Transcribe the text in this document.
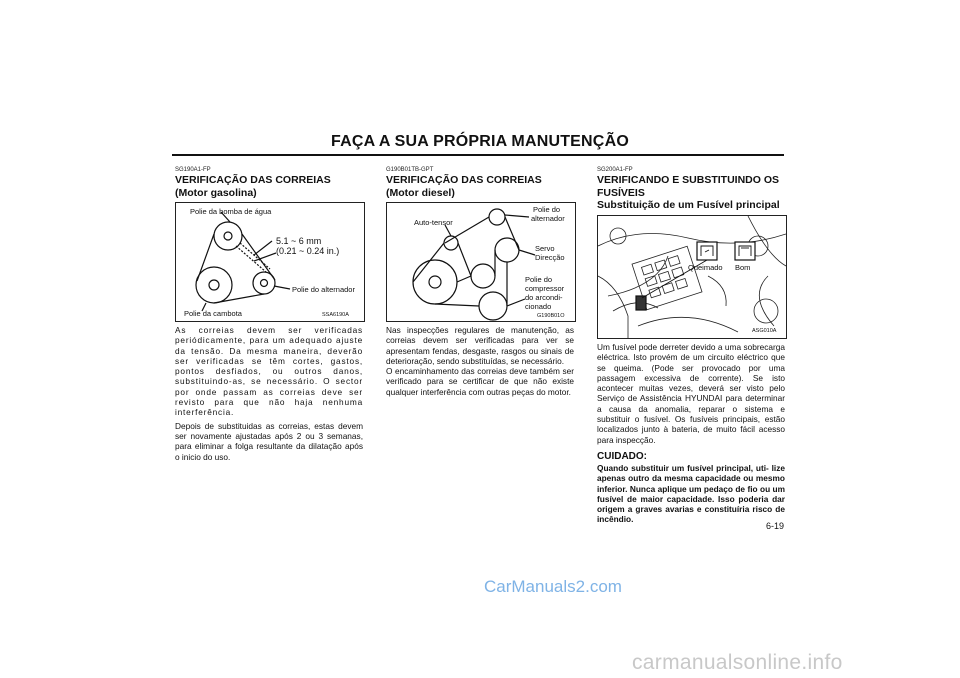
FAÇA A SUA PRÓPRIA MANUTENÇÃO
SG190A1-FP
VERIFICAÇÃO DAS CORREIAS
(Motor gasolina)
Polie da bomba de água
5.1 ~ 6 mm
(0.21 ~ 0.24 in.)
Polie do alternador
Polie da cambota	SSA6190A

As correias devem ser verificadas periódicamente, para um adequado ajuste da tensão. Da mesma maneira, deverão ser verificadas se têm cortes, gastos, pontos desfiados, ou outros danos, substituindo-as, se necessário. O sector por onde passam as correias deve ser revisto para que não haja nenhuma interferência.

Depois de substituidas as correias, estas devem ser novamente ajustadas após 2 ou 3 semanas, para eliminar a folga resultante da dilatação após o inicio do uso.

G190B01TB-GPT
VERIFICAÇÃO DAS CORREIAS
(Motor diesel)
Auto-tensor
Polie do
alternador
Servo
Direcção
Polie do
compressor
do arcondi-
cionado
G190B01O

Nas inspecções regulares de manutenção, as correias devem ser verificadas para ver se apresentam fendas, desgaste, rasgos ou sinais de deterioração, sendo substituídas, se necessário.

O encaminhamento das correias deve também ser verificado para se certificar de que não existe qualquer interferência com outras peças do motor.

SG200A1-FP
VERIFICANDO E SUBSTITUINDO OS
FUSÍVEIS
Substituição de um Fusível principal
Queimado Bom
ASG010A

Um fusível pode derreter devido a uma sobrecarga eléctrica. Isto provém de um circuito eléctrico que se queima. (Pode ser provocado por uma passagem excessiva de corrente). Se isto acontecer muitas vezes, deverá ser visto pelo Serviço de Assistência HYUNDAI para determinar a causa da anomalia, reparar o sistema e substituir o fusível. Os fusíveis principais, estão localizados junto à bateria, de muito fácil acesso para inspecção.

CUIDADO:
Quando substituir um fusível principal, uti- lize apenas outro da mesma capacidade ou mesmo inferior. Nunca aplique um pedaço de fio ou um fusível de maior capacidade. Isso poderia dar origem a graves avarias e constituíria risco de incêndio.
6-19
CarManuals2.com
carmanualsonline.info
